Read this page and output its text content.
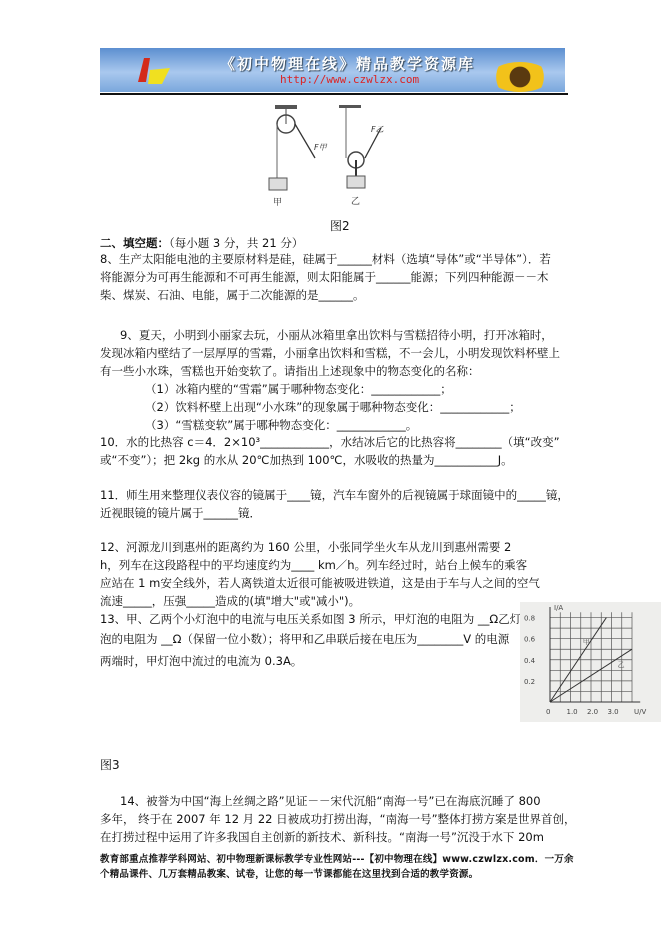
《初中物理在线》精品教学资源库
http://www.czwlzx.com
F甲
甲
F乙
乙
图2
二、填空题：（每小题 3 分，共 21 分）
8、生产太阳能电池的主要原材料是硅，硅属于______材料（选填“导体”或“半导体”）．若
将能源分为可再生能源和不可再生能源，则太阳能属于______能源；下列四种能源－－木
柴、煤炭、石油、电能，属于二次能源的是______。
9、夏天，小明到小丽家去玩，小丽从冰箱里拿出饮料与雪糕招待小明，打开冰箱时，
发现冰箱内壁结了一层厚厚的雪霜，小丽拿出饮料和雪糕，不一会儿，小明发现饮料杯壁上
有一些小水珠，雪糕也开始变软了。请指出上述现象中的物态变化的名称：
（1）冰箱内壁的“雪霜”属于哪种物态变化：____________；
（2）饮料杯壁上出现“小水珠”的现象属于哪种物态变化：____________；
（3）“雪糕变软”属于哪种物态变化：____________。
10．水的比热容 c＝4．2×10³____________，水结冰后它的比热容将________（填“改变”
或“不变”）；把 2kg 的水从 20℃加热到 100℃，水吸收的热量为___________J。
11．师生用来整理仪表仪容的镜属于____镜，汽车车窗外的后视镜属于球面镜中的_____镜，
近视眼镜的镜片属于______镜．
12、河源龙川到惠州的距离约为 160 公里，小张同学坐火车从龙川到惠州需要 2
h，列车在这段路程中的平均速度约为____ km／h。列车经过时，站台上候车的乘客
应站在 1 m安全线外，若人离铁道太近很可能被吸进铁道，这是由于车与人之间的空气
流速_____，压强_____造成的(填"增大"或"减小")。
13、甲、乙两个小灯泡中的电流与电压关系如图 3 所示，甲灯泡的电阻为 __Ω乙灯
泡的电阻为 __Ω（保留一位小数）；将甲和乙串联后接在电压为________V 的电源
两端时，甲灯泡中流过的电流为 0.3A。
I/A
U/V
0 1.0 2.0 3.0
0.2
0.4
0.6
0.8
甲
乙
图3
14、被誉为中国“海上丝绸之路”见证－－宋代沉船“南海一号”已在海底沉睡了 800
多年， 终于在 2007 年 12 月 22 日被成功打捞出海，“南海一号”整体打捞方案是世界首创，
在打捞过程中运用了许多我国自主创新的新技术、新科技。“南海一号”沉没于水下 20m
教育部重点推荐学科网站、初中物理新课标教学专业性网站---【初中物理在线】www.czwlzx.com．一万余
个精品课件、几万套精品教案、试卷，让您的每一节课都能在这里找到合适的教学资源。
